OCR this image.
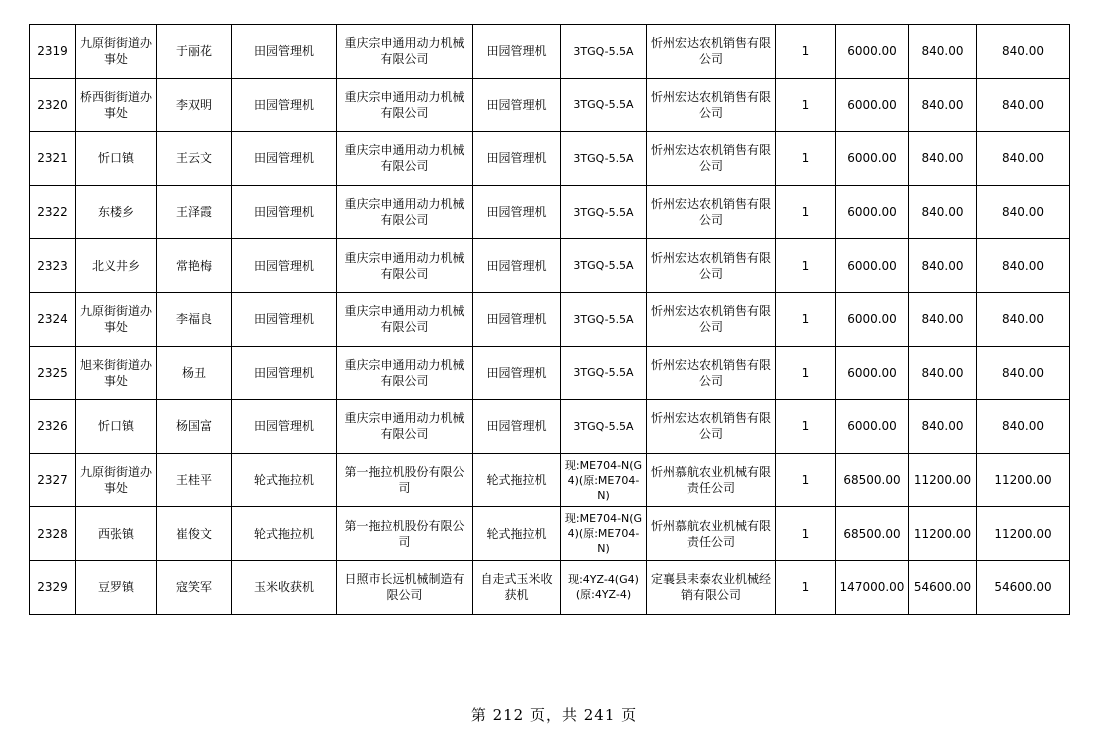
2319	九原街街道办事处	于丽花	田园管理机	重庆宗申通用动力机械有限公司	田园管理机	3TGQ-5.5A	忻州宏达农机销售有限公司	1	6000.00	840.00	840.00
2320	桥西街街道办事处	李双明	田园管理机	重庆宗申通用动力机械有限公司	田园管理机	3TGQ-5.5A	忻州宏达农机销售有限公司	1	6000.00	840.00	840.00
2321	忻口镇	王云文	田园管理机	重庆宗申通用动力机械有限公司	田园管理机	3TGQ-5.5A	忻州宏达农机销售有限公司	1	6000.00	840.00	840.00
2322	东楼乡	王泽霞	田园管理机	重庆宗申通用动力机械有限公司	田园管理机	3TGQ-5.5A	忻州宏达农机销售有限公司	1	6000.00	840.00	840.00
2323	北义井乡	常艳梅	田园管理机	重庆宗申通用动力机械有限公司	田园管理机	3TGQ-5.5A	忻州宏达农机销售有限公司	1	6000.00	840.00	840.00
2324	九原街街道办事处	李福良	田园管理机	重庆宗申通用动力机械有限公司	田园管理机	3TGQ-5.5A	忻州宏达农机销售有限公司	1	6000.00	840.00	840.00
2325	旭来街街道办事处	杨丑	田园管理机	重庆宗申通用动力机械有限公司	田园管理机	3TGQ-5.5A	忻州宏达农机销售有限公司	1	6000.00	840.00	840.00
2326	忻口镇	杨国富	田园管理机	重庆宗申通用动力机械有限公司	田园管理机	3TGQ-5.5A	忻州宏达农机销售有限公司	1	6000.00	840.00	840.00
2327	九原街街道办事处	王桂平	轮式拖拉机	第一拖拉机股份有限公司	轮式拖拉机	现:ME704-N(G4)(原:ME704-N)	忻州慕航农业机械有限责任公司	1	68500.00	11200.00	11200.00
2328	西张镇	崔俊文	轮式拖拉机	第一拖拉机股份有限公司	轮式拖拉机	现:ME704-N(G4)(原:ME704-N)	忻州慕航农业机械有限责任公司	1	68500.00	11200.00	11200.00
2329	豆罗镇	寇笑军	玉米收获机	日照市长远机械制造有限公司	自走式玉米收获机	现:4YZ-4(G4)(原:4YZ-4)	定襄县耒泰农业机械经销有限公司	1	147000.00	54600.00	54600.00
第 212 页，共 241 页
